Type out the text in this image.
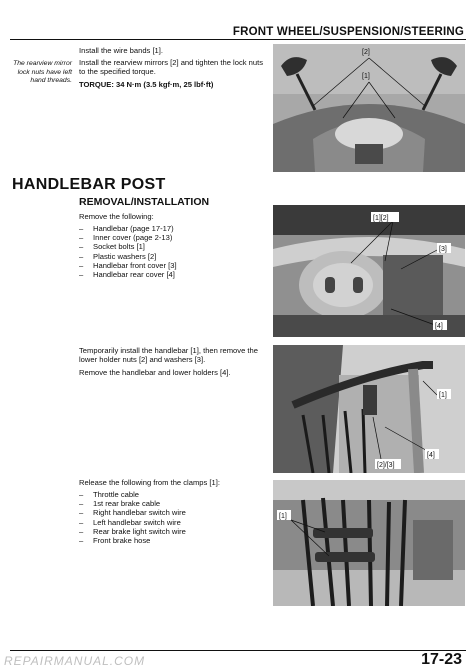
FRONT WHEEL/SUSPENSION/STEERING
Install the wire bands [1].
Install the rearview mirrors [2] and tighten the lock nuts to the specified torque.
TORQUE: 34 N·m (3.5 kgf·m, 25 lbf·ft)
The rearview mirror lock nuts have left hand threads.
[2]
[1]
HANDLEBAR POST
REMOVAL/INSTALLATION
Remove the following:
– Handlebar (page 17-17)
– Inner cover (page 2-13)
– Socket bolts [1]
– Plastic washers [2]
– Handlebar front cover [3]
– Handlebar rear cover [4]
[1][2]
[3]
[4]
Temporarily install the handlebar [1], then remove the lower holder nuts [2] and washers [3].
Remove the handlebar and lower holders [4].
[1]
[4]
[2]/[3]
Release the following from the clamps [1]:
– Throttle cable
– 1st rear brake cable
– Right handlebar switch wire
– Left handlebar switch wire
– Rear brake light switch wire
– Front brake hose
[1]
17-23
REPAIRMANUAL.COM
